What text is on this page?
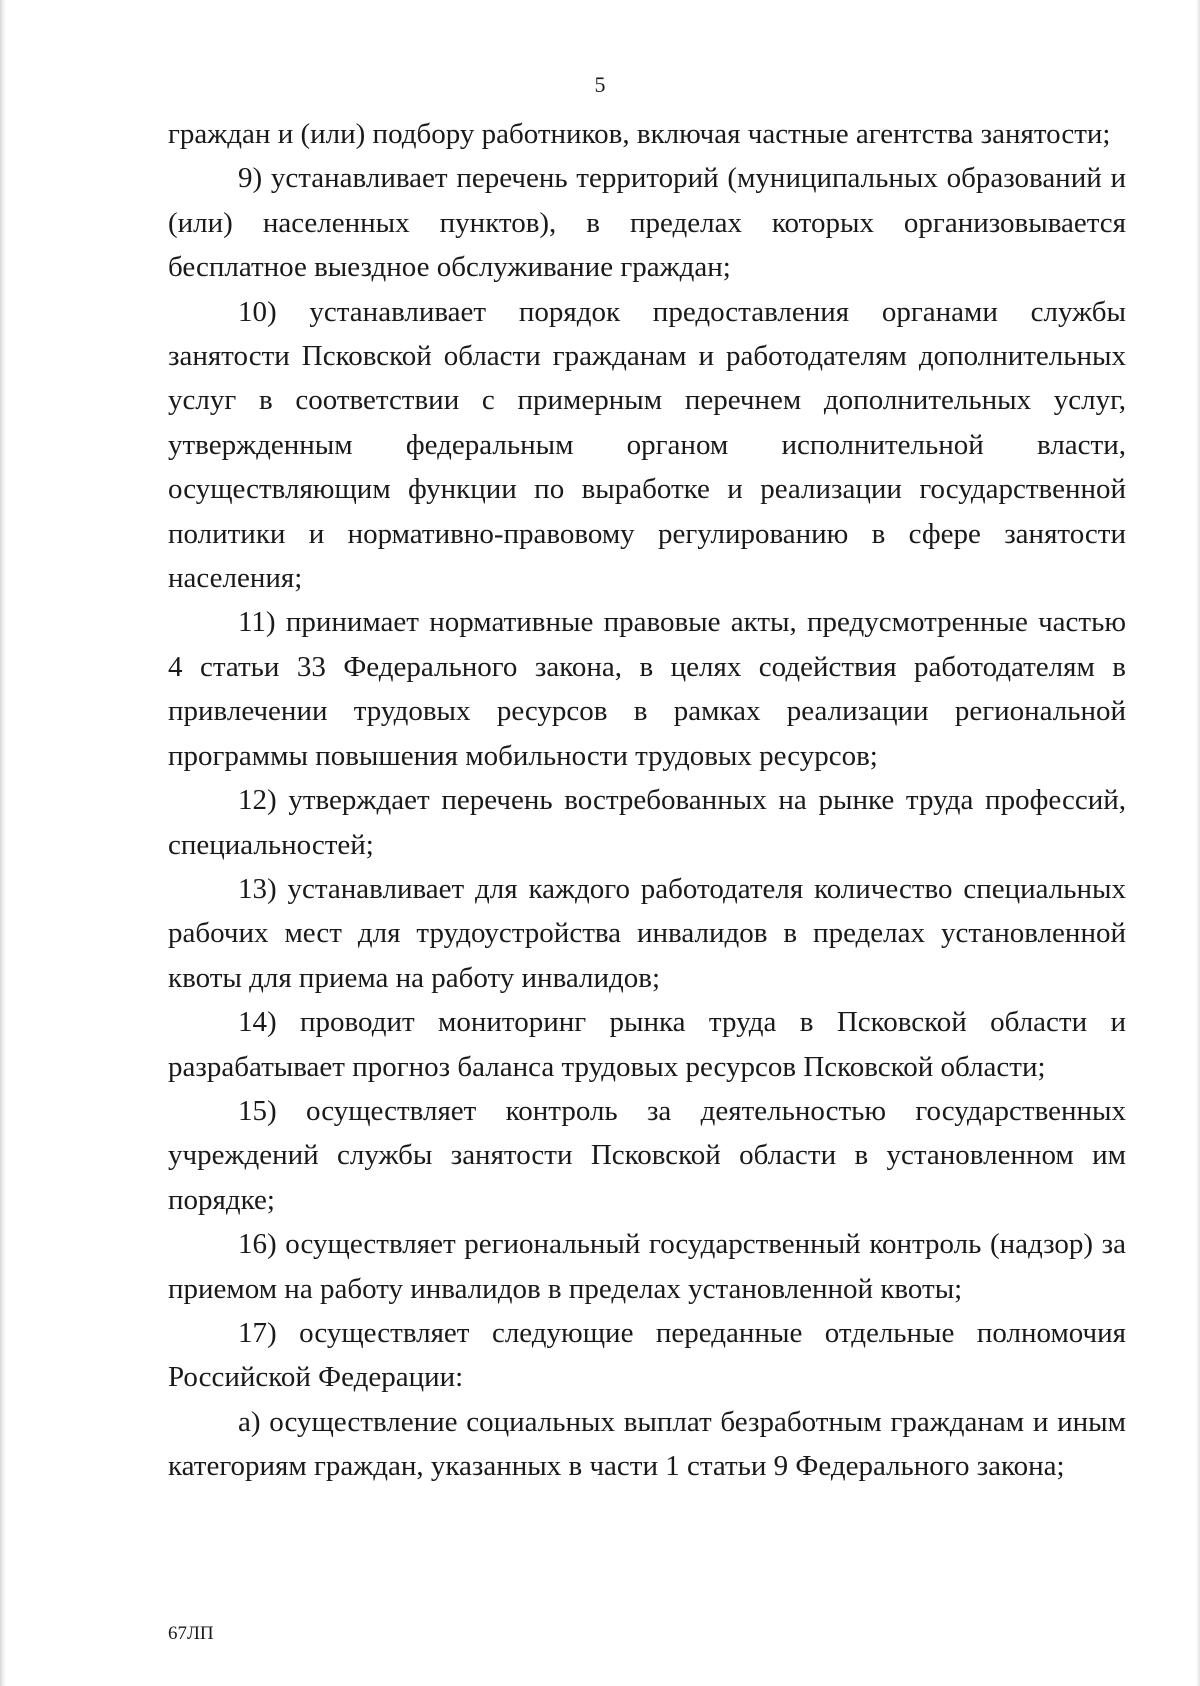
5

граждан и (или) подбору работников, включая частные агентства занятости;

9) устанавливает перечень территорий (муниципальных образований и (или) населенных пунктов), в пределах которых организовывается бесплатное выездное обслуживание граждан;

10) устанавливает порядок предоставления органами службы занятости Псковской области гражданам и работодателям дополнительных услуг в соответствии с примерным перечнем дополнительных услуг, утвержденным федеральным органом исполнительной власти, осуществляющим функции по выработке и реализации государственной политики и нормативно-правовому регулированию в сфере занятости населения;

11) принимает нормативные правовые акты, предусмотренные частью 4 статьи 33 Федерального закона, в целях содействия работодателям в привлечении трудовых ресурсов в рамках реализации региональной программы повышения мобильности трудовых ресурсов;

12) утверждает перечень востребованных на рынке труда профессий, специальностей;

13) устанавливает для каждого работодателя количество специальных рабочих мест для трудоустройства инвалидов в пределах установленной квоты для приема на работу инвалидов;

14) проводит мониторинг рынка труда в Псковской области и разрабатывает прогноз баланса трудовых ресурсов Псковской области;

15) осуществляет контроль за деятельностью государственных учреждений службы занятости Псковской области в установленном им порядке;

16) осуществляет региональный государственный контроль (надзор) за приемом на работу инвалидов в пределах установленной квоты;

17) осуществляет следующие переданные отдельные полномочия Российской Федерации:

а) осуществление социальных выплат безработным гражданам и иным категориям граждан, указанных в части 1 статьи 9 Федерального закона;

67ЛП
